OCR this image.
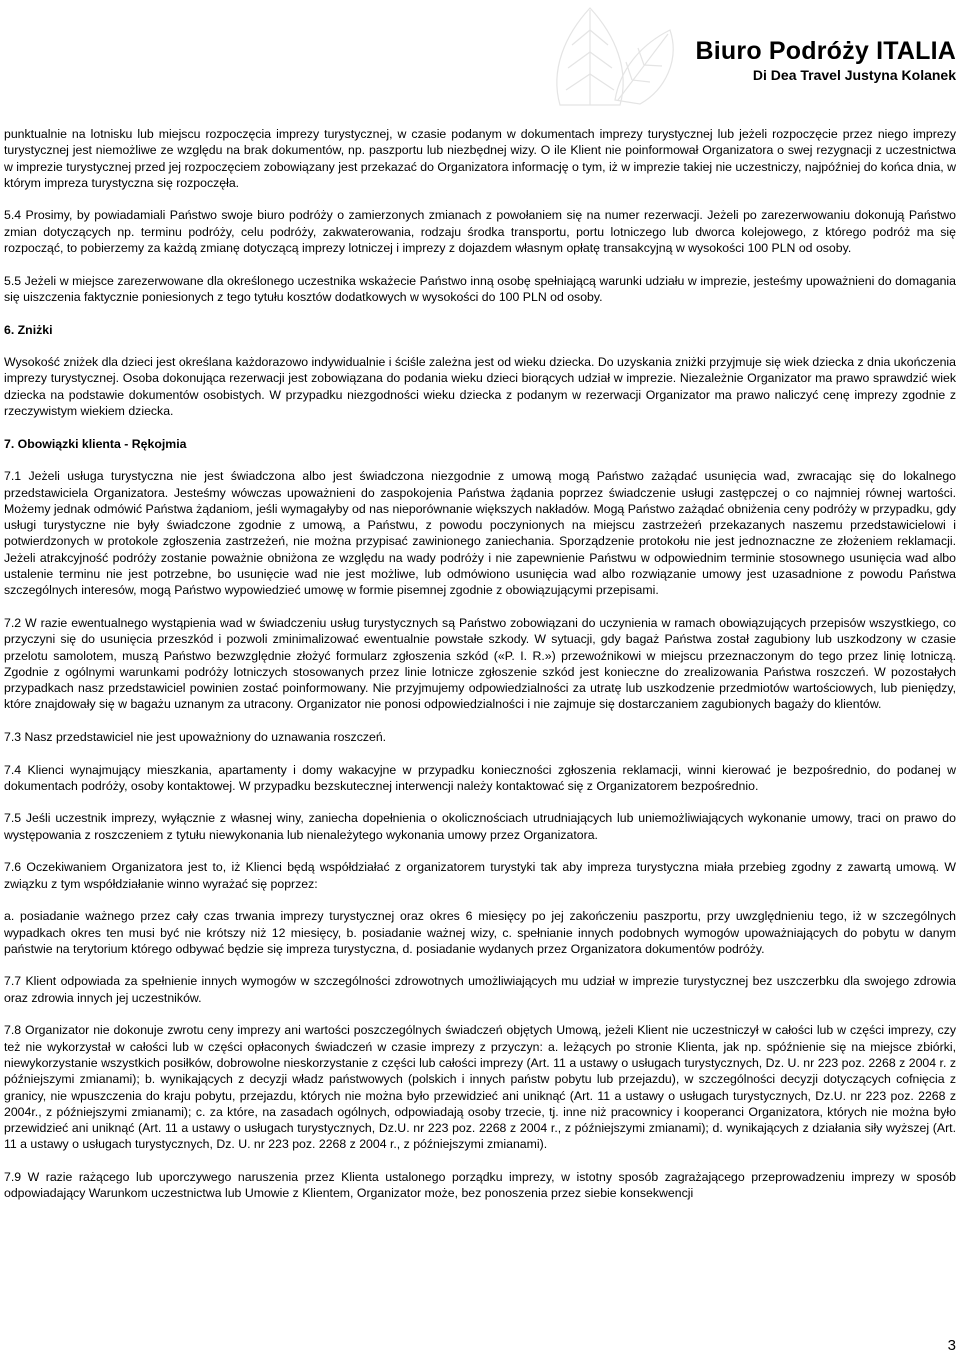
Biuro Podróży ITALIA
Di Dea Travel Justyna Kolanek

punktualnie na lotnisku lub miejscu rozpoczęcia imprezy turystycznej, w czasie podanym w dokumentach imprezy turystycznej lub jeżeli rozpoczęcie przez niego imprezy turystycznej jest niemożliwe ze względu na brak dokumentów, np. paszportu lub niezbędnej wizy. O ile Klient nie poinformował Organizatora o swej rezygnacji z uczestnictwa w imprezie turystycznej przed jej rozpoczęciem zobowiązany jest przekazać do Organizatora informację o tym, iż w imprezie takiej nie uczestniczy, najpóźniej do końca dnia, w którym impreza turystyczna się rozpoczęła.

5.4 Prosimy, by powiadamiali Państwo swoje biuro podróży o zamierzonych zmianach z powołaniem się na numer rezerwacji. Jeżeli po zarezerwowaniu dokonują Państwo zmian dotyczących np. terminu podróży, celu podróży, zakwaterowania, rodzaju środka transportu, portu lotniczego lub dworca kolejowego, z którego podróż ma się rozpocząć, to pobierzemy za każdą zmianę dotyczącą imprezy lotniczej i imprezy z dojazdem własnym opłatę transakcyjną w wysokości 100 PLN od osoby.

5.5 Jeżeli w miejsce zarezerwowane dla określonego uczestnika wskażecie Państwo inną osobę spełniającą warunki udziału w imprezie, jesteśmy upoważnieni do domagania się uiszczenia faktycznie poniesionych z tego tytułu kosztów dodatkowych w wysokości do 100 PLN od osoby.

6. Zniżki

Wysokość zniżek dla dzieci jest określana każdorazowo indywidualnie i ściśle zależna jest od wieku dziecka. Do uzyskania zniżki przyjmuje się wiek dziecka z dnia ukończenia imprezy turystycznej. Osoba dokonująca rezerwacji jest zobowiązana do podania wieku dzieci biorących udział w imprezie. Niezależnie Organizator ma prawo sprawdzić wiek dziecka na podstawie dokumentów osobistych. W przypadku niezgodności wieku dziecka z podanym w rezerwacji Organizator ma prawo naliczyć cenę imprezy zgodnie z rzeczywistym wiekiem dziecka.

7. Obowiązki klienta - Rękojmia

7.1 Jeżeli usługa turystyczna nie jest świadczona albo jest świadczona niezgodnie z umową mogą Państwo zażądać usunięcia wad, zwracając się do lokalnego przedstawiciela Organizatora. Jesteśmy wówczas upoważnieni do zaspokojenia Państwa żądania poprzez świadczenie usługi zastępczej o co najmniej równej wartości. Możemy jednak odmówić Państwa żądaniom, jeśli wymagałyby od nas nieporównanie większych nakładów. Mogą Państwo zażądać obniżenia ceny podróży w przypadku, gdy usługi turystyczne nie były świadczone zgodnie z umową, a Państwu, z powodu poczynionych na miejscu zastrzeżeń przekazanych naszemu przedstawicielowi i potwierdzonych w protokole zgłoszenia zastrzeżeń, nie można przypisać zawinionego zaniechania. Sporządzenie protokołu nie jest jednoznaczne ze złożeniem reklamacji. Jeżeli atrakcyjność podróży zostanie poważnie obniżona ze względu na wady podróży i nie zapewnienie Państwu w odpowiednim terminie stosownego usunięcia wad albo ustalenie terminu nie jest potrzebne, bo usunięcie wad nie jest możliwe, lub odmówiono usunięcia wad albo rozwiązanie umowy jest uzasadnione z powodu Państwa szczególnych interesów, mogą Państwo wypowiedzieć umowę w formie pisemnej zgodnie z obowiązującymi przepisami.

7.2 W razie ewentualnego wystąpienia wad w świadczeniu usług turystycznych są Państwo zobowiązani do uczynienia w ramach obowiązujących przepisów wszystkiego, co przyczyni się do usunięcia przeszkód i pozwoli zminimalizować ewentualnie powstałe szkody. W sytuacji, gdy bagaż Państwa został zagubiony lub uszkodzony w czasie przelotu samolotem, muszą Państwo bezwzględnie złożyć formularz zgłoszenia szkód («P. I. R.») przewoźnikowi w miejscu przeznaczonym do tego przez linię lotniczą. Zgodnie z ogólnymi warunkami podróży lotniczych stosowanych przez linie lotnicze zgłoszenie szkód jest konieczne do zrealizowania Państwa roszczeń. W pozostałych przypadkach nasz przedstawiciel powinien zostać poinformowany. Nie przyjmujemy odpowiedzialności za utratę lub uszkodzenie przedmiotów wartościowych, lub pieniędzy, które znajdowały się w bagażu uznanym za utracony. Organizator nie ponosi odpowiedzialności i nie zajmuje się dostarczaniem zagubionych bagaży do klientów.

7.3 Nasz przedstawiciel nie jest upoważniony do uznawania roszczeń.

7.4 Klienci wynajmujący mieszkania, apartamenty i domy wakacyjne w przypadku konieczności zgłoszenia reklamacji, winni kierować je bezpośrednio, do podanej w dokumentach podróży, osoby kontaktowej. W przypadku bezskutecznej interwencji należy kontaktować się z Organizatorem bezpośrednio.

7.5 Jeśli uczestnik imprezy, wyłącznie z własnej winy, zaniecha dopełnienia o okolicznościach utrudniających lub uniemożliwiających wykonanie umowy, traci on prawo do występowania z roszczeniem z tytułu niewykonania lub nienależytego wykonania umowy przez Organizatora.

7.6 Oczekiwaniem Organizatora jest to, iż Klienci będą współdziałać z organizatorem turystyki tak aby impreza turystyczna miała przebieg zgodny z zawartą umową. W związku z tym współdziałanie winno wyrażać się poprzez:

a. posiadanie ważnego przez cały czas trwania imprezy turystycznej oraz okres 6 miesięcy po jej zakończeniu paszportu, przy uwzględnieniu tego, iż w szczególnych wypadkach okres ten musi być nie krótszy niż 12 miesięcy, b. posiadanie ważnej wizy, c. spełnianie innych podobnych wymogów upoważniających do pobytu w danym państwie na terytorium którego odbywać będzie się impreza turystyczna, d. posiadanie wydanych przez Organizatora dokumentów podróży.

7.7 Klient odpowiada za spełnienie innych wymogów w szczególności zdrowotnych umożliwiających mu udział w imprezie turystycznej bez uszczerbku dla swojego zdrowia oraz zdrowia innych jej uczestników.

7.8 Organizator nie dokonuje zwrotu ceny imprezy ani wartości poszczególnych świadczeń objętych Umową, jeżeli Klient nie uczestniczył w całości lub w części imprezy, czy też nie wykorzystał w całości lub w części opłaconych świadczeń w czasie imprezy z przyczyn: a. leżących po stronie Klienta, jak np. spóźnienie się na miejsce zbiórki, niewykorzystanie wszystkich posiłków, dobrowolne nieskorzystanie z części lub całości imprezy (Art. 11 a ustawy o usługach turystycznych, Dz. U. nr 223 poz. 2268 z 2004 r. z późniejszymi zmianami); b. wynikających z decyzji władz państwowych (polskich i innych państw pobytu lub przejazdu), w szczególności decyzji dotyczących cofnięcia z granicy, nie wpuszczenia do kraju pobytu, przejazdu, których nie można było przewidzieć ani uniknąć (Art. 11 a ustawy o usługach turystycznych, Dz.U. nr 223 poz. 2268 z 2004r., z późniejszymi zmianami); c. za które, na zasadach ogólnych, odpowiadają osoby trzecie, tj. inne niż pracownicy i kooperanci Organizatora, których nie można było przewidzieć ani uniknąć (Art. 11 a ustawy o usługach turystycznych, Dz.U. nr 223 poz. 2268 z 2004 r., z późniejszymi zmianami); d. wynikających z działania siły wyższej (Art. 11 a ustawy o usługach turystycznych, Dz. U. nr 223 poz. 2268 z 2004 r., z późniejszymi zmianami).

7.9 W razie rażącego lub uporczywego naruszenia przez Klienta ustalonego porządku imprezy, w istotny sposób zagrażającego przeprowadzeniu imprezy w sposób odpowiadający Warunkom uczestnictwa lub Umowie z Klientem, Organizator może, bez ponoszenia przez siebie konsekwencji

3
